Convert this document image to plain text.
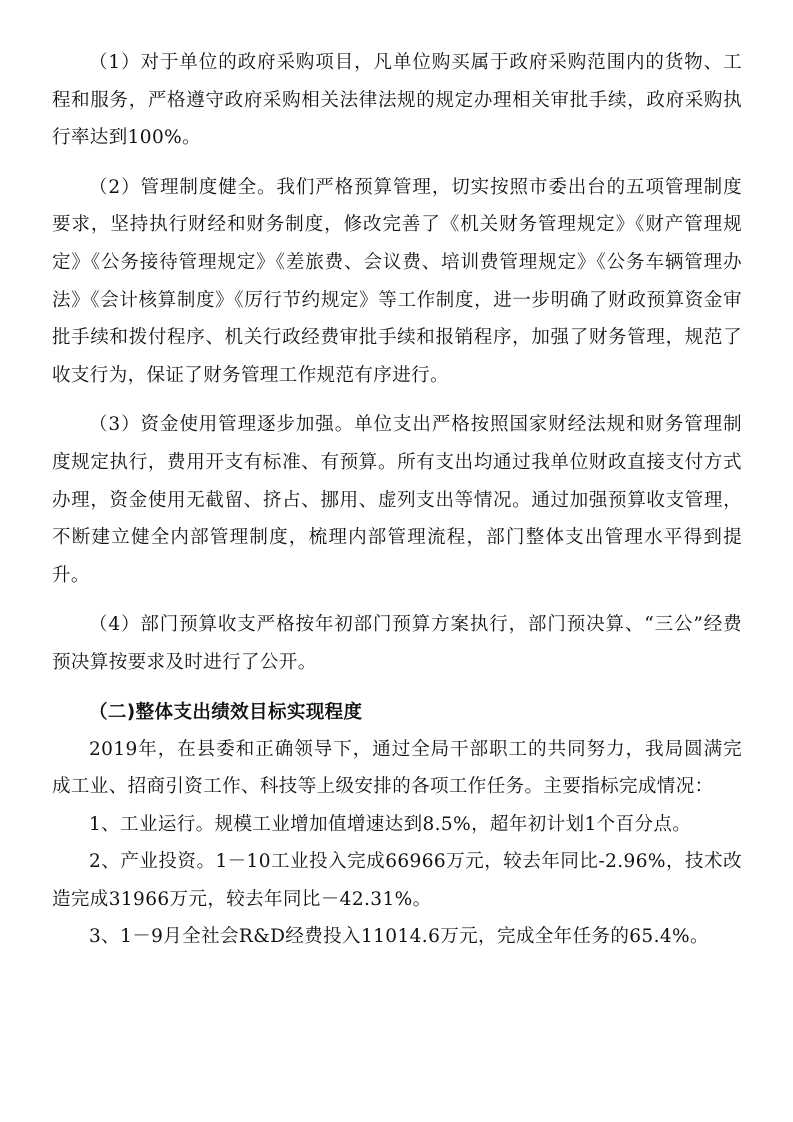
（1）对于单位的政府采购项目，凡单位购买属于政府采购范围内的货物、工程和服务，严格遵守政府采购相关法律法规的规定办理相关审批手续，政府采购执行率达到100%。

（2）管理制度健全。我们严格预算管理，切实按照市委出台的五项管理制度要求，坚持执行财经和财务制度，修改完善了《机关财务管理规定》《财产管理规定》《公务接待管理规定》《差旅费、会议费、培训费管理规定》《公务车辆管理办法》《会计核算制度》《厉行节约规定》等工作制度，进一步明确了财政预算资金审批手续和拨付程序、机关行政经费审批手续和报销程序，加强了财务管理，规范了收支行为，保证了财务管理工作规范有序进行。

（3）资金使用管理逐步加强。单位支出严格按照国家财经法规和财务管理制度规定执行，费用开支有标准、有预算。所有支出均通过我单位财政直接支付方式办理，资金使用无截留、挤占、挪用、虚列支出等情况。通过加强预算收支管理，不断建立健全内部管理制度，梳理内部管理流程，部门整体支出管理水平得到提升。

（4）部门预算收支严格按年初部门预算方案执行，部门预决算、“三公”经费预决算按要求及时进行了公开。

（二)整体支出绩效目标实现程度

2019年，在县委和正确领导下，通过全局干部职工的共同努力，我局圆满完成工业、招商引资工作、科技等上级安排的各项工作任务。主要指标完成情况：

1、工业运行。规模工业增加值增速达到8.5%，超年初计划1个百分点。

2、产业投资。1－10工业投入完成66966万元，较去年同比-2.96%，技术改造完成31966万元，较去年同比－42.31%。

3、1－9月全社会R&D经费投入11014.6万元，完成全年任务的65.4%。
